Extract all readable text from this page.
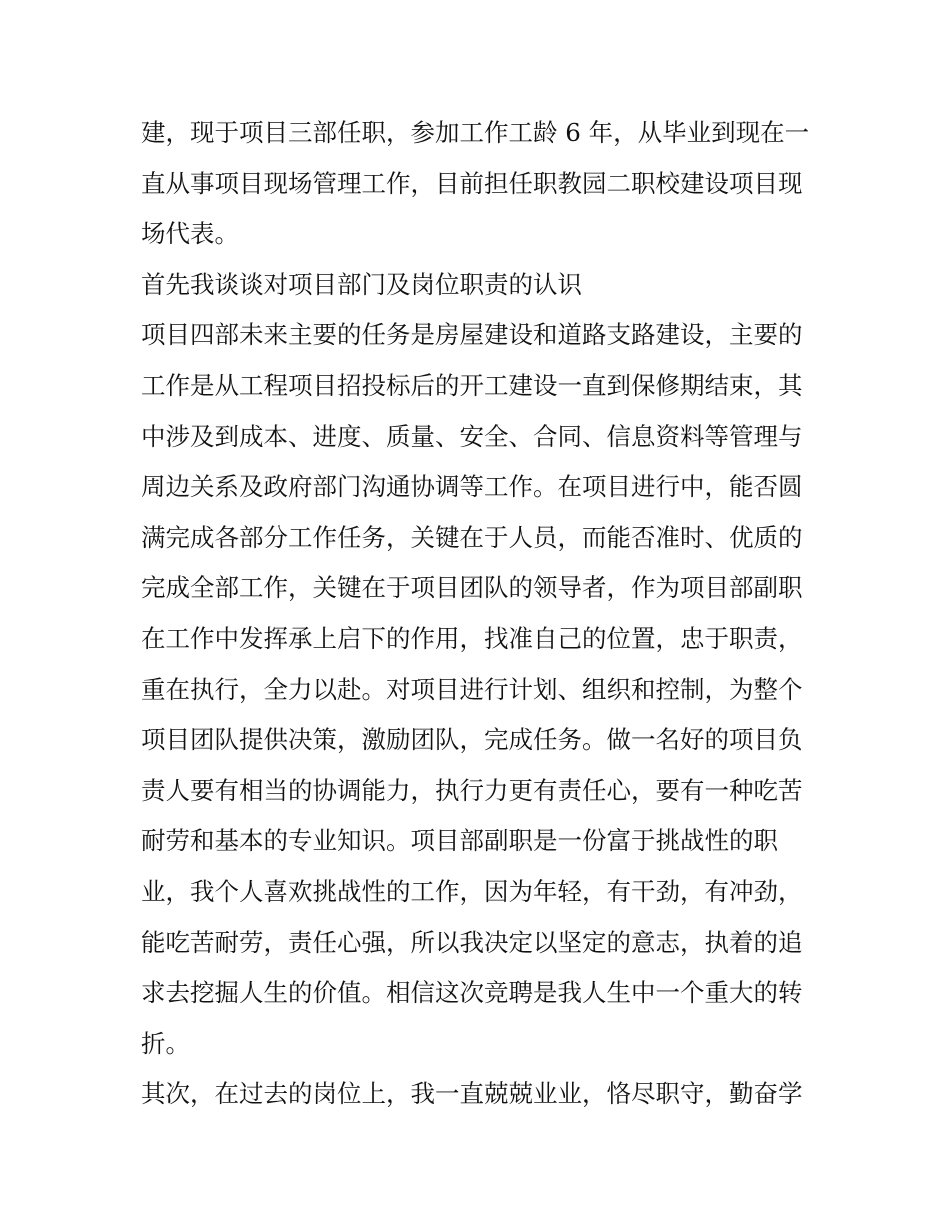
建，现于项目三部任职，参加工作工龄 6 年，从毕业到现在一
直从事项目现场管理工作，目前担任职教园二职校建设项目现
场代表。
首先我谈谈对项目部门及岗位职责的认识
项目四部未来主要的任务是房屋建设和道路支路建设，主要的
工作是从工程项目招投标后的开工建设一直到保修期结束，其
中涉及到成本、进度、质量、安全、合同、信息资料等管理与
周边关系及政府部门沟通协调等工作。在项目进行中，能否圆
满完成各部分工作任务，关键在于人员，而能否准时、优质的
完成全部工作，关键在于项目团队的领导者，作为项目部副职
在工作中发挥承上启下的作用，找准自己的位置，忠于职责，
重在执行，全力以赴。对项目进行计划、组织和控制，为整个
项目团队提供决策，激励团队，完成任务。做一名好的项目负
责人要有相当的协调能力，执行力更有责任心，要有一种吃苦
耐劳和基本的专业知识。项目部副职是一份富于挑战性的职
业，我个人喜欢挑战性的工作，因为年轻，有干劲，有冲劲，
能吃苦耐劳，责任心强，所以我决定以坚定的意志，执着的追
求去挖掘人生的价值。相信这次竞聘是我人生中一个重大的转
折。
其次，在过去的岗位上，我一直兢兢业业，恪尽职守，勤奋学
